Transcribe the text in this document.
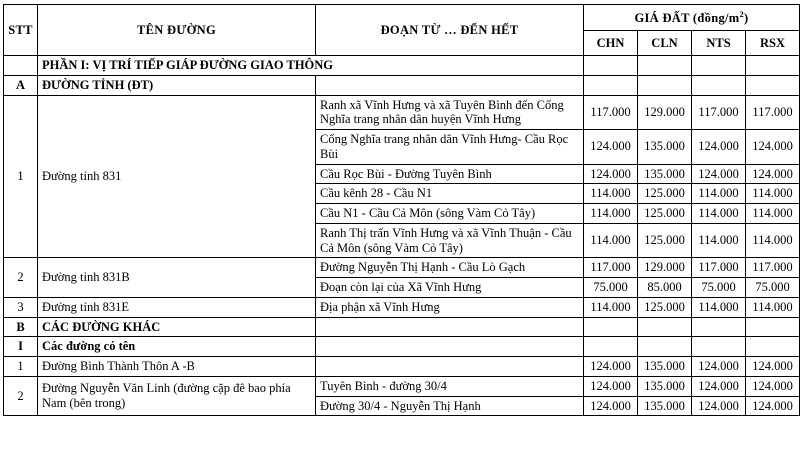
STT	TÊN ĐƯỜNG	ĐOẠN TỪ … ĐẾN HẾT	GIÁ ĐẤT $(đồng/m^2)$			
			CHN	CLN	NTS	RSX
	PHẦN I: VỊ TRÍ TIẾP GIÁP ĐƯỜNG GIAO THÔNG					
A	ĐƯỜNG TỈNH (ĐT)					
1	Đường tỉnh 831	Ranh xã Vĩnh Hưng và xã Tuyên Bình đến Cống Nghĩa trang nhân dân huyện Vĩnh Hưng	117.000	129.000	117.000	117.000
		Cống Nghĩa trang nhân dân Vĩnh Hưng- Cầu Rọc Bùi	124.000	135.000	124.000	124.000
		Cầu Rọc Bùi - Đường Tuyên Bình	124.000	135.000	124.000	124.000
		Cầu kênh 28 - Cầu N1	114.000	125.000	114.000	114.000
		Cầu N1 - Cầu Cả Môn (sông Vàm Cỏ Tây)	114.000	125.000	114.000	114.000
		Ranh Thị trấn Vĩnh Hưng và xã Vĩnh Thuận - Cầu Cả Môn (sông Vàm Cỏ Tây)	114.000	125.000	114.000	114.000
2	Đường tỉnh 831B	Đường Nguyễn Thị Hạnh - Cầu Lò Gạch	117.000	129.000	117.000	117.000
		Đoạn còn lại của Xã Vĩnh Hưng	75.000	85.000	75.000	75.000
3	Đường tỉnh 831E	Địa phận xã Vĩnh Hưng	114.000	125.000	114.000	114.000
B	CÁC ĐƯỜNG KHÁC					
I	Các đường có tên					
1	Đường Bình Thành Thôn A -B		124.000	135.000	124.000	124.000
2	Đường Nguyễn Văn Linh (đường cặp đê bao phía Nam (bên trong)	Tuyên Bình - đường 30/4	124.000	135.000	124.000	124.000
		Đường 30/4 - Nguyễn Thị Hạnh	124.000	135.000	124.000	124.000
